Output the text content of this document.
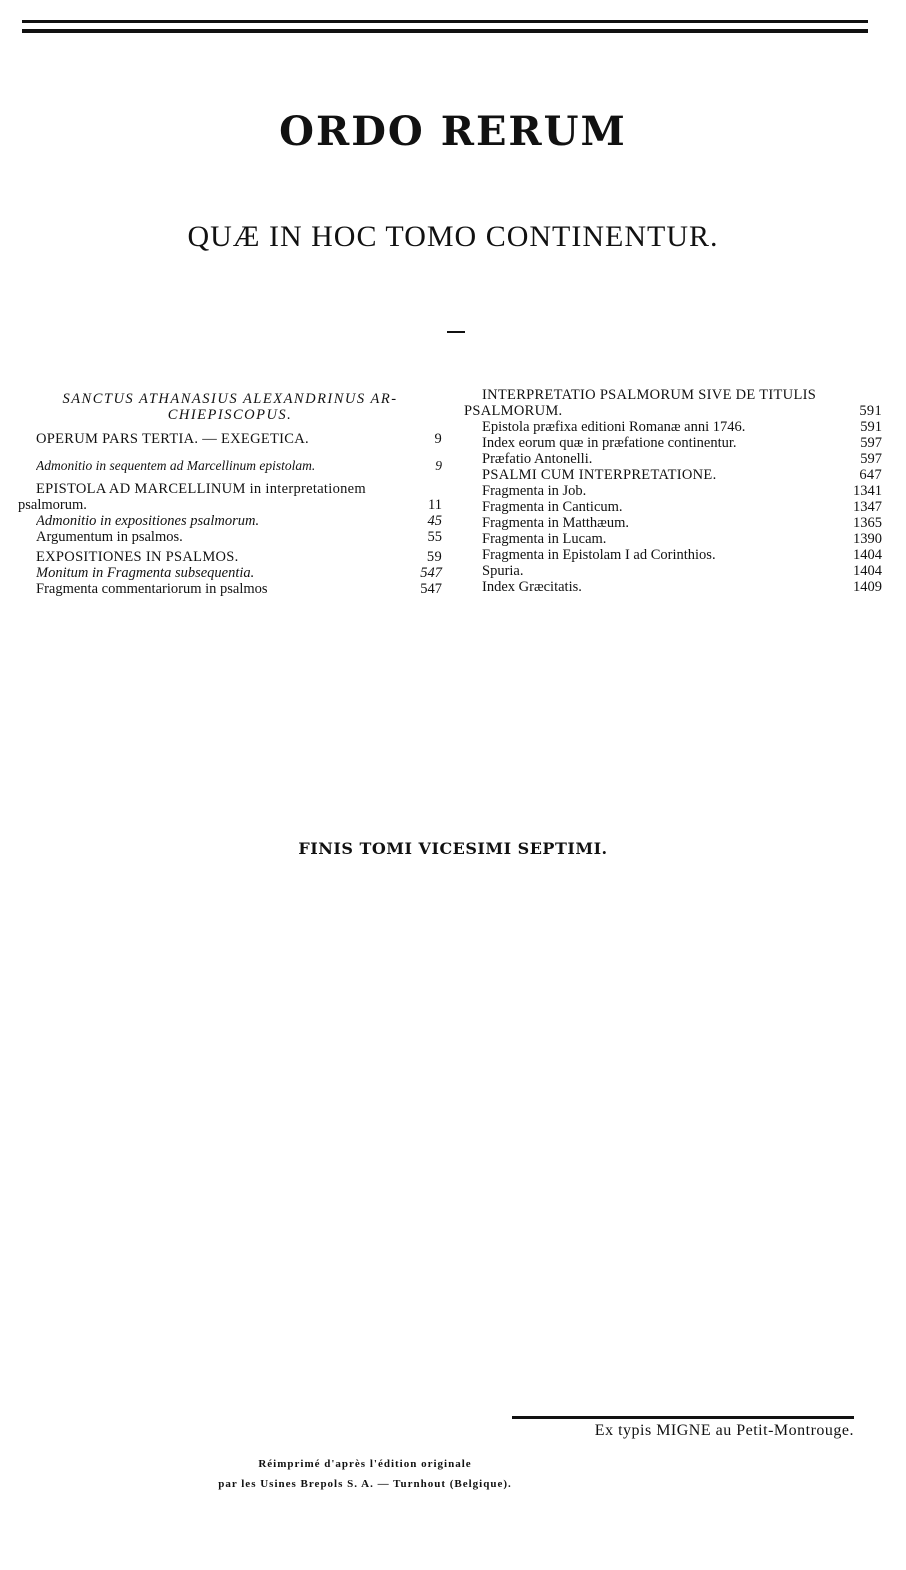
ORDO RERUM
QUÆ IN HOC TOMO CONTINENTUR.
SANCTUS ATHANASIUS ALEXANDRINUS AR-
CHIEPISCOPUS.
OPERUM PARS TERTIA. — EXEGETICA.	9
Admonitio in sequentem ad Marcellinum epistolam.	9
EPISTOLA AD MARCELLINUM in interpretationem
psalmorum.	11
Admonitio in expositiones psalmorum.	45
Argumentum in psalmos.	55
EXPOSITIONES IN PSALMOS.	59
Monitum in Fragmenta subsequentia.	547
Fragmenta commentariorum in psalmos	547
INTERPRETATIO PSALMORUM SIVE DE TITULIS
PSALMORUM.	591
Epistola præfixa editioni Romanæ anni 1746.	591
Index eorum quæ in præfatione continentur.	597
Præfatio Antonelli.	597
PSALMI CUM INTERPRETATIONE.	647
Fragmenta in Job.	1341
Fragmenta in Canticum.	1347
Fragmenta in Matthæum.	1365
Fragmenta in Lucam.	1390
Fragmenta in Epistolam I ad Corinthios.	1404
Spuria.	1404
Index Græcitatis.	1409
FINIS TOMI VICESIMI SEPTIMI.
Ex typis MIGNE au Petit-Montrouge.
Réimprimé d'après l'édition originale
par les Usines Brepols S. A. — Turnhout (Belgique).
